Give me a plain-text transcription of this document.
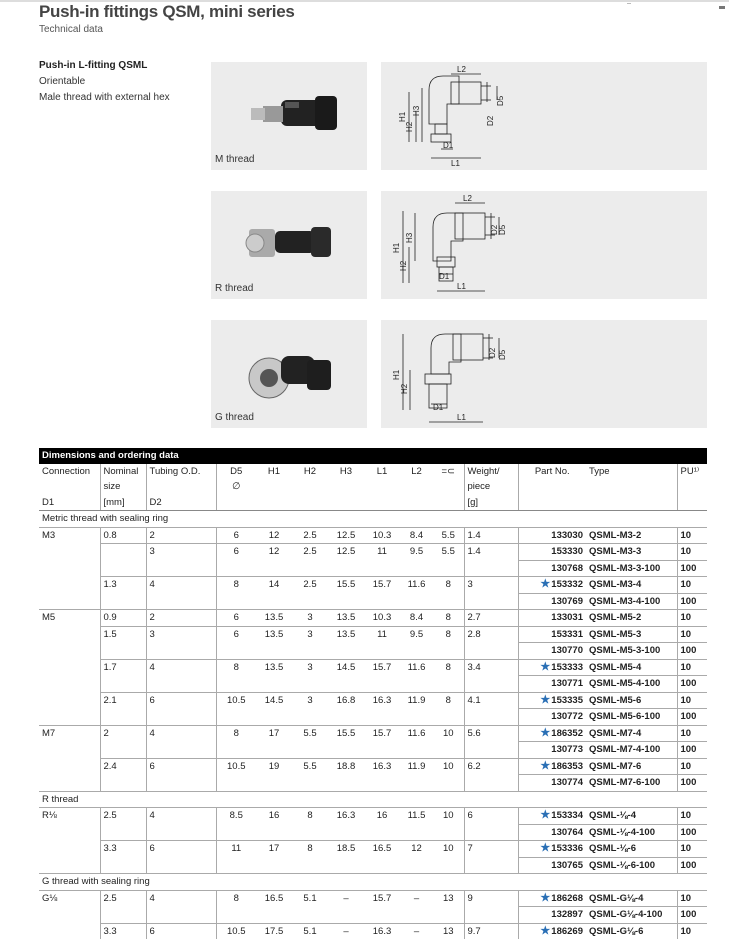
Push-in fittings QSM, mini series
Technical data
Push-in L-fitting QSML
Orientable
Male thread with external hex
M thread
R thread
G thread
L2
L1
D1
H1
H2
H3
D2
D5
L2
L1
D1
H1
H2
H3
D2 D5
L1
D1
H1
H2
D2 D5
Dimensions and ordering data													
Connection	Nominal	Tubing O.D.	D5	H1	H2	H3	L1	L2	=⊂	Weight/	Part No.	Type	PU¹⁾
	size		∅							piece			
D1	[mm]	D2								[g]			
Metric thread with sealing ring													
M3	0.8	2	6	12	2.5	12.5	10.3	8.4	5.5	1.4	133030	QSML-M3-2	10
		3	6	12	2.5	12.5	11	9.5	5.5	1.4	153330	QSML-M3-3	10
											130768	QSML-M3-3-100	100
	1.3	4	8	14	2.5	15.5	15.7	11.6	8	3	★153332	QSML-M3-4	10
											130769	QSML-M3-4-100	100
M5	0.9	2	6	13.5	3	13.5	10.3	8.4	8	2.7	133031	QSML-M5-2	10
	1.5	3	6	13.5	3	13.5	11	9.5	8	2.8	153331	QSML-M5-3	10
											130770	QSML-M5-3-100	100
	1.7	4	8	13.5	3	14.5	15.7	11.6	8	3.4	★153333	QSML-M5-4	10
											130771	QSML-M5-4-100	100
	2.1	6	10.5	14.5	3	16.8	16.3	11.9	8	4.1	★153335	QSML-M5-6	10
											130772	QSML-M5-6-100	100
M7	2	4	8	17	5.5	15.5	15.7	11.6	10	5.6	★186352	QSML-M7-4	10
											130773	QSML-M7-4-100	100
	2.4	6	10.5	19	5.5	18.8	16.3	11.9	10	6.2	★186353	QSML-M7-6	10
											130774	QSML-M7-6-100	100
R thread													
R⅛	2.5	4	8.5	16	8	16.3	16	11.5	10	6	★153334	QSML-⅛-4	10
											130764	QSML-⅛-4-100	100
	3.3	6	11	17	8	18.5	16.5	12	10	7	★153336	QSML-⅛-6	10
											130765	QSML-⅛-6-100	100
G thread with sealing ring													
G⅛	2.5	4	8	16.5	5.1	–	15.7	–	13	9	★186268	QSML-G⅛-4	10
											132897	QSML-G⅛-4-100	100
	3.3	6	10.5	17.5	5.1	–	16.3	–	13	9.7	★186269	QSML-G⅛-6	10
